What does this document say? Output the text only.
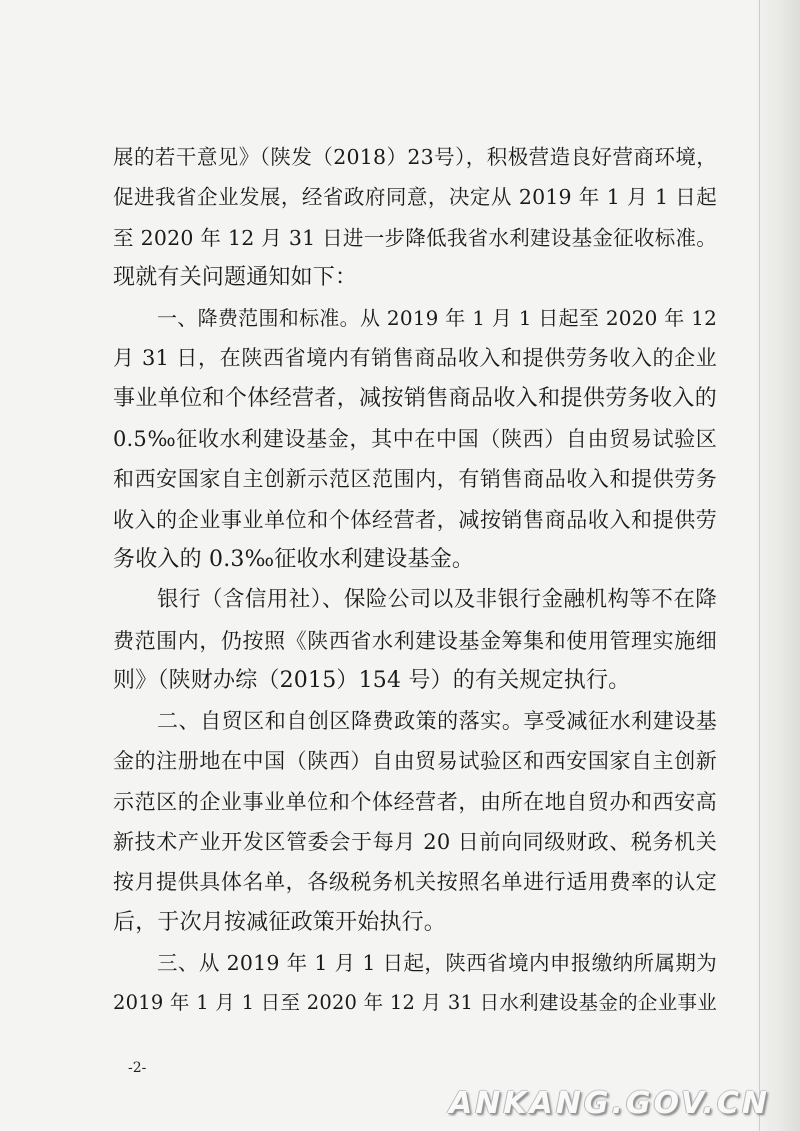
展的若干意见》（陕发（2018）23号），积极营造良好营商环境，
促进我省企业发展，经省政府同意，决定从 2019 年 1 月 1 日起
至 2020 年 12 月 31 日进一步降低我省水利建设基金征收标准。
现就有关问题通知如下：
一、降费范围和标准。从 2019 年 1 月 1 日起至 2020 年 12
月 31 日，在陕西省境内有销售商品收入和提供劳务收入的企业
事业单位和个体经营者，减按销售商品收入和提供劳务收入的
0.5‰征收水利建设基金，其中在中国（陕西）自由贸易试验区
和西安国家自主创新示范区范围内，有销售商品收入和提供劳务
收入的企业事业单位和个体经营者，减按销售商品收入和提供劳
务收入的 0.3‰征收水利建设基金。
银行（含信用社）、保险公司以及非银行金融机构等不在降
费范围内，仍按照《陕西省水利建设基金筹集和使用管理实施细
则》（陕财办综（2015）154 号）的有关规定执行。
二、自贸区和自创区降费政策的落实。享受减征水利建设基
金的注册地在中国（陕西）自由贸易试验区和西安国家自主创新
示范区的企业事业单位和个体经营者，由所在地自贸办和西安高
新技术产业开发区管委会于每月 20 日前向同级财政、税务机关
按月提供具体名单，各级税务机关按照名单进行适用费率的认定
后，于次月按减征政策开始执行。
三、从 2019 年 1 月 1 日起，陕西省境内申报缴纳所属期为
2019 年 1 月 1 日至 2020 年 12 月 31 日水利建设基金的企业事业
-2-
ANKANG.GOV.CN
